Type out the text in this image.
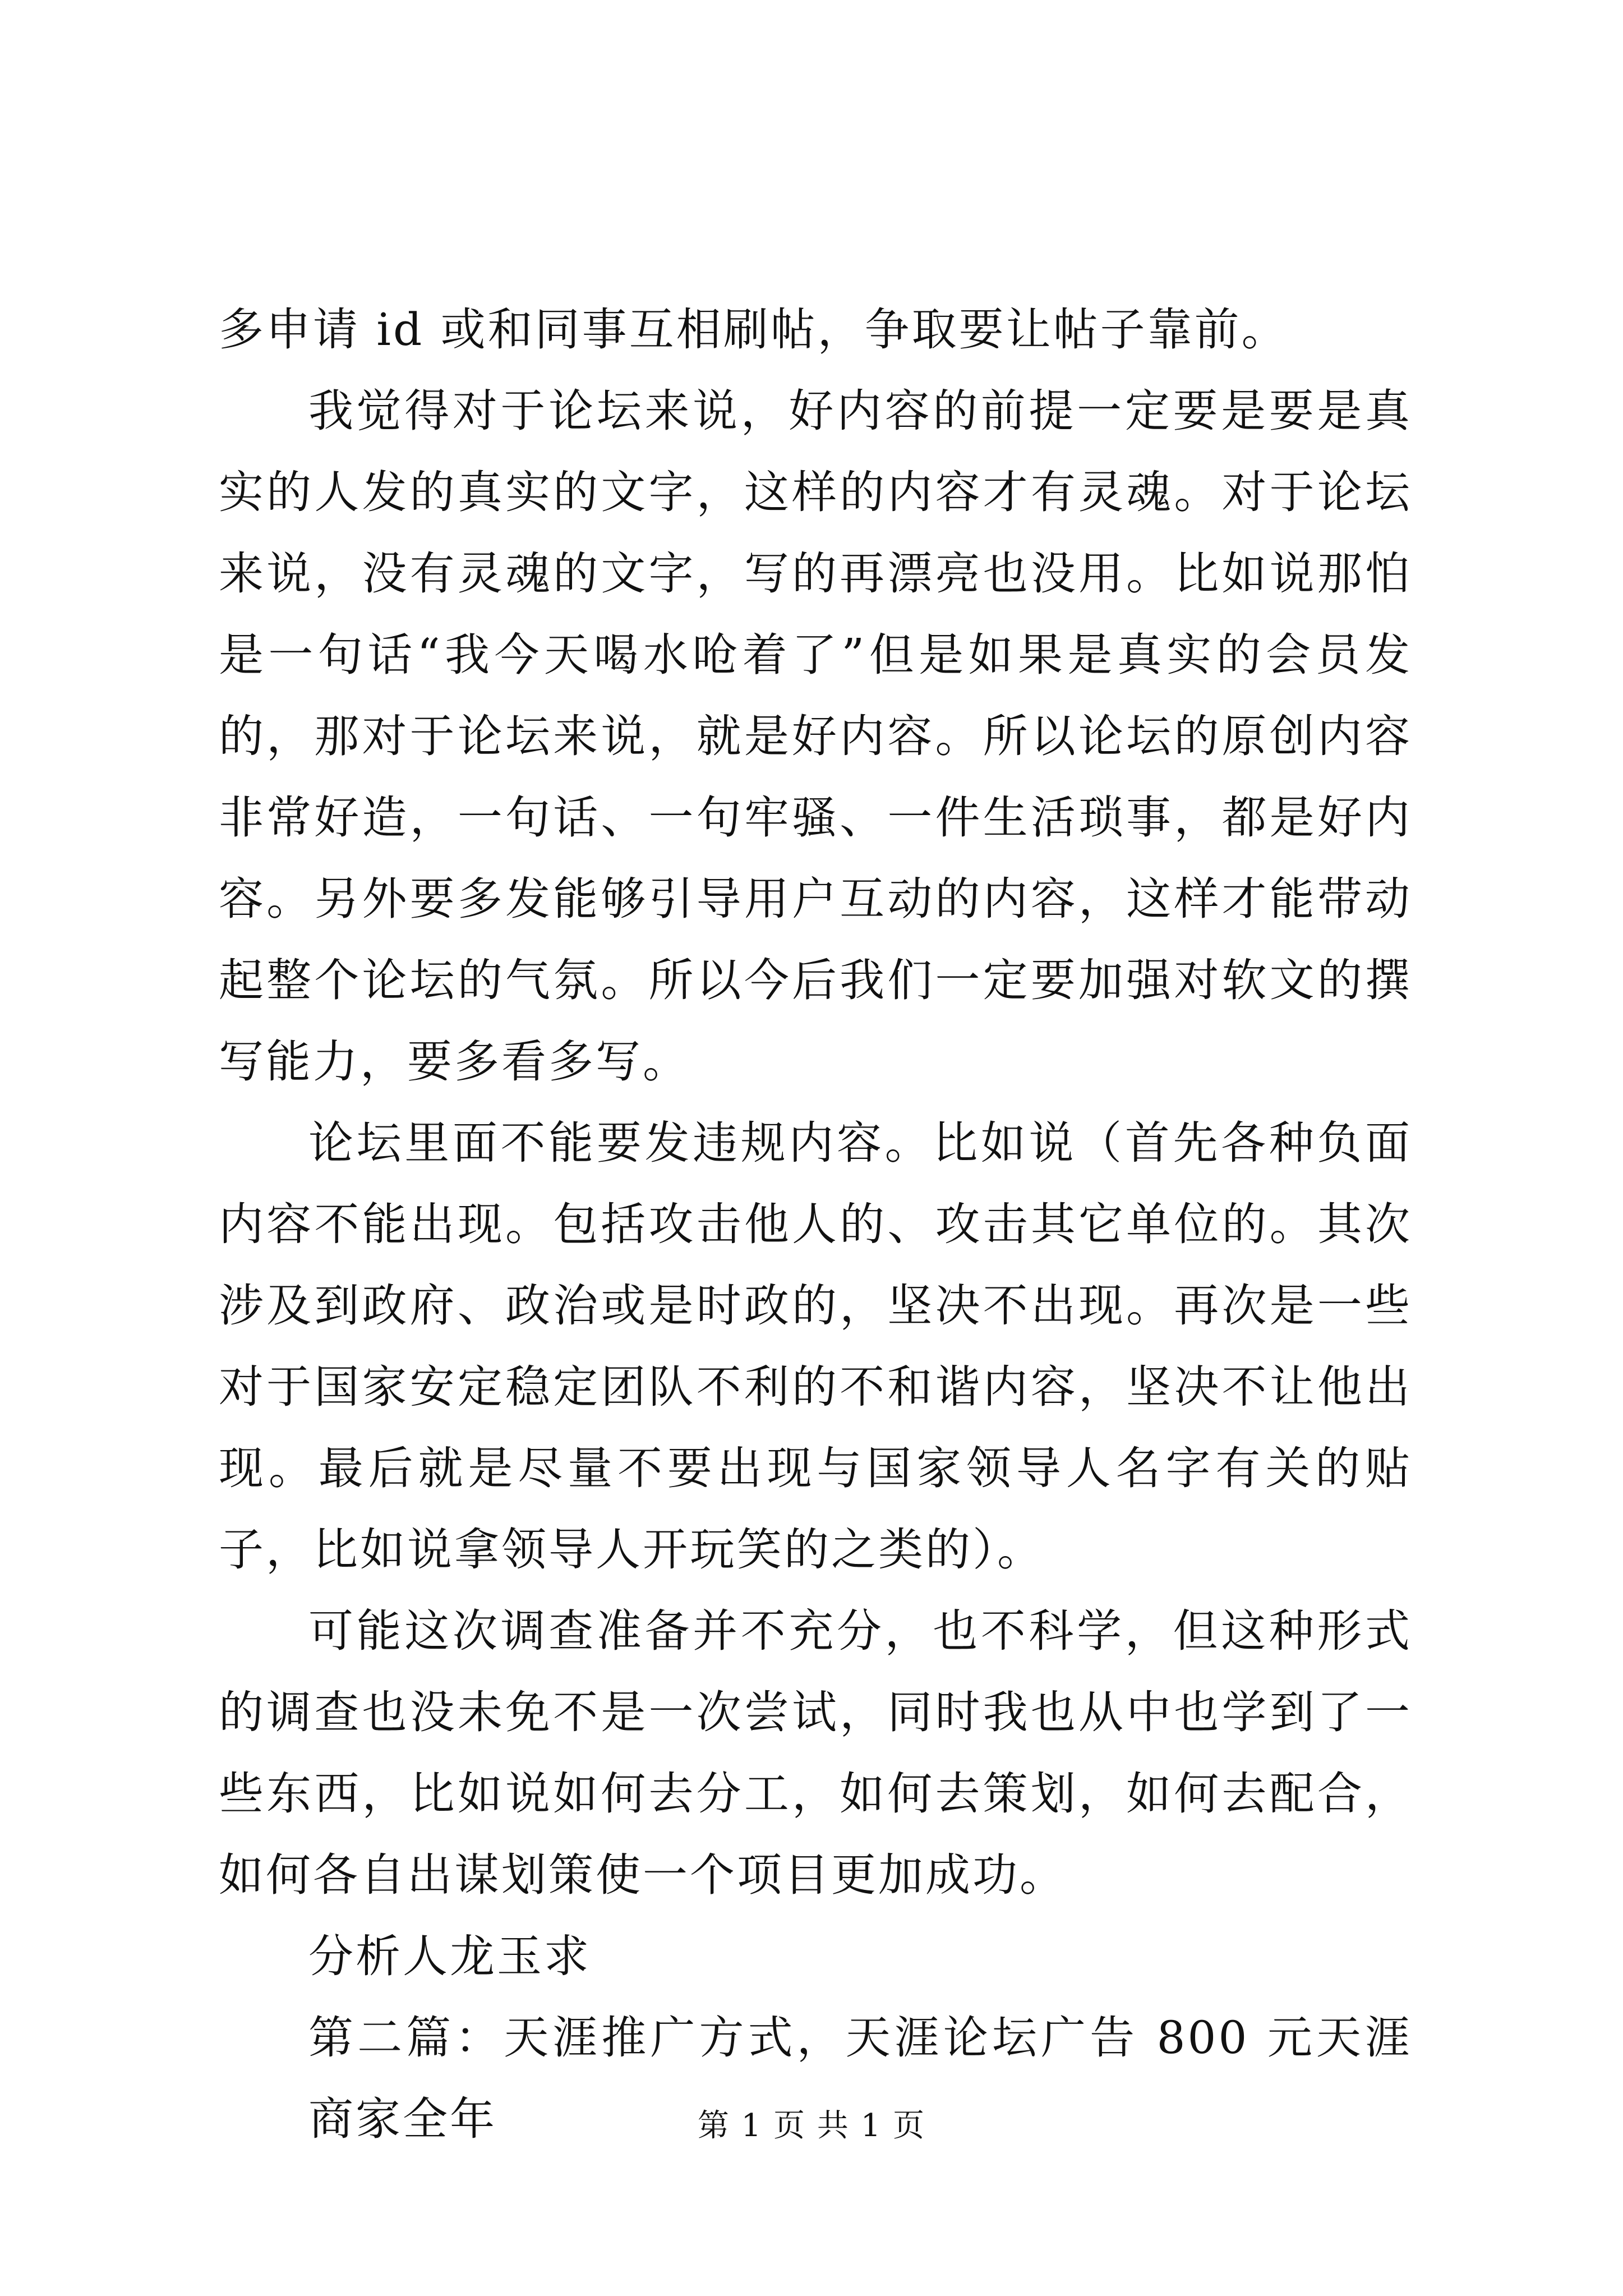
多申请 id 或和同事互相刷帖，争取要让帖子靠前。

我觉得对于论坛来说，好内容的前提一定要是要是真实的人发的真实的文字，这样的内容才有灵魂。对于论坛来说，没有灵魂的文字，写的再漂亮也没用。比如说那怕是一句话“我今天喝水呛着了”但是如果是真实的会员发的，那对于论坛来说，就是好内容。所以论坛的原创内容非常好造，一句话、一句牢骚、一件生活琐事，都是好内容。另外要多发能够引导用户互动的内容，这样才能带动起整个论坛的气氛。所以今后我们一定要加强对软文的撰写能力，要多看多写。

论坛里面不能要发违规内容。比如说（首先各种负面内容不能出现。包括攻击他人的、攻击其它单位的。其次涉及到政府、政治或是时政的，坚决不出现。再次是一些对于国家安定稳定团队不利的不和谐内容，坚决不让他出现。最后就是尽量不要出现与国家领导人名字有关的贴子，比如说拿领导人开玩笑的之类的）。

可能这次调查准备并不充分，也不科学，但这种形式的调查也没未免不是一次尝试，同时我也从中也学到了一些东西，比如说如何去分工，如何去策划，如何去配合，如何各自出谋划策使一个项目更加成功。

分析人龙玉求

第二篇：天涯推广方式，天涯论坛广告 800 元天涯商家全年	第 1 页 共 1 页
